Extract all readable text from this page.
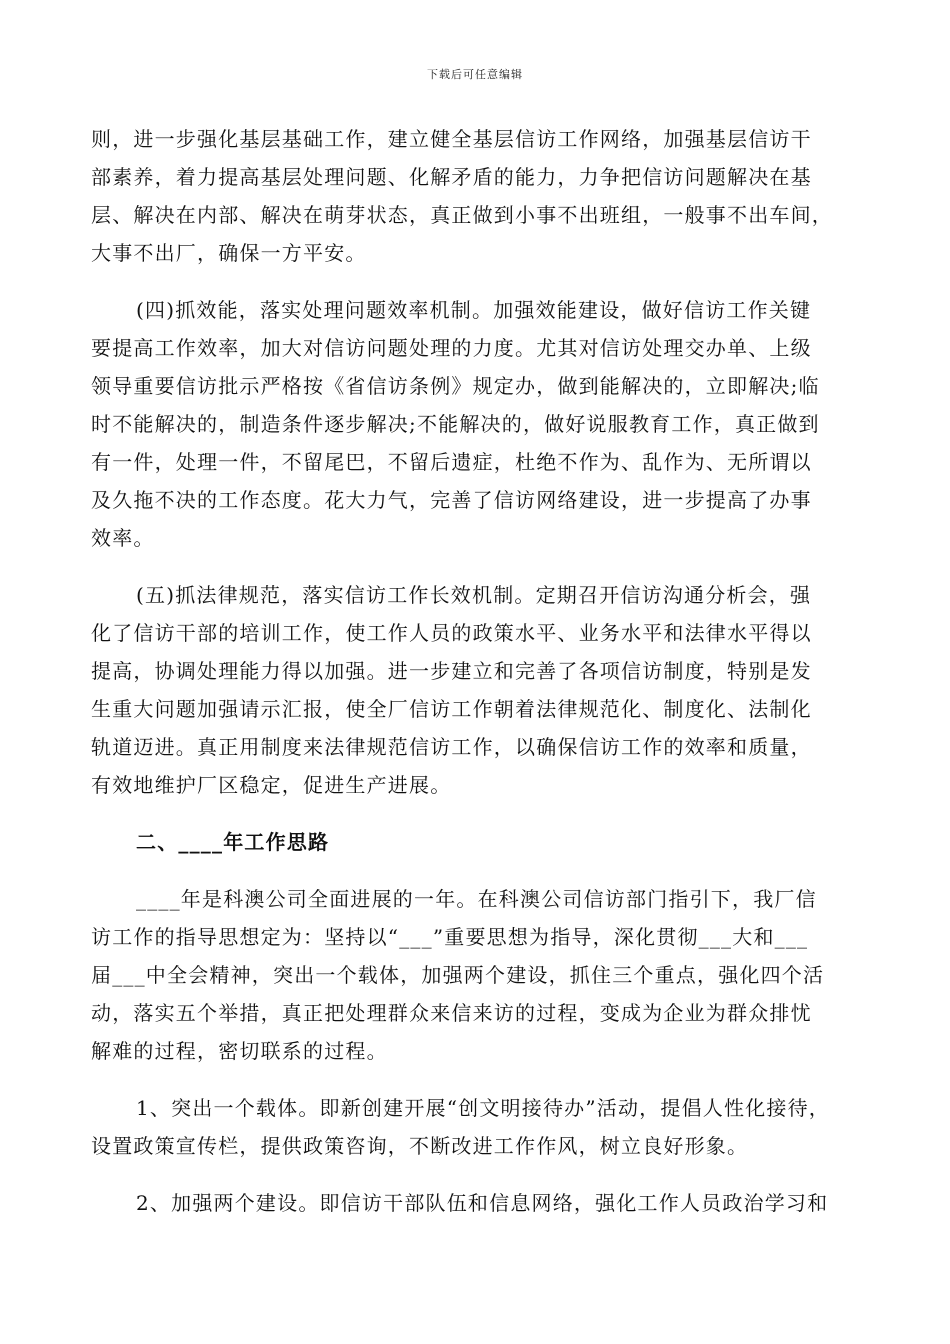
下载后可任意编辑
则，进一步强化基层基础工作，建立健全基层信访工作网络，加强基层信访干
部素养，着力提高基层处理问题、化解矛盾的能力，力争把信访问题解决在基
层、解决在内部、解决在萌芽状态，真正做到小事不出班组，一般事不出车间，
大事不出厂，确保一方平安。
(四)抓效能，落实处理问题效率机制。加强效能建设，做好信访工作关键
要提高工作效率，加大对信访问题处理的力度。尤其对信访处理交办单、上级
领导重要信访批示严格按《省信访条例》规定办，做到能解决的，立即解决;临
时不能解决的，制造条件逐步解决;不能解决的，做好说服教育工作，真正做到
有一件，处理一件，不留尾巴，不留后遗症，杜绝不作为、乱作为、无所谓以
及久拖不决的工作态度。花大力气，完善了信访网络建设，进一步提高了办事
效率。
(五)抓法律规范，落实信访工作长效机制。定期召开信访沟通分析会，强
化了信访干部的培训工作，使工作人员的政策水平、业务水平和法律水平得以
提高，协调处理能力得以加强。进一步建立和完善了各项信访制度，特别是发
生重大问题加强请示汇报，使全厂信访工作朝着法律规范化、制度化、法制化
轨道迈进。真正用制度来法律规范信访工作，以确保信访工作的效率和质量，
有效地维护厂区稳定，促进生产进展。
二、____年工作思路
____年是科澳公司全面进展的一年。在科澳公司信访部门指引下，我厂信
访工作的指导思想定为：坚持以“___”重要思想为指导，深化贯彻___大和___
届___中全会精神，突出一个载体，加强两个建设，抓住三个重点，强化四个活
动，落实五个举措，真正把处理群众来信来访的过程，变成为企业为群众排忧
解难的过程，密切联系的过程。
1、突出一个载体。即新创建开展“创文明接待办”活动，提倡人性化接待，
设置政策宣传栏，提供政策咨询，不断改进工作作风，树立良好形象。
2、加强两个建设。即信访干部队伍和信息网络，强化工作人员政治学习和
